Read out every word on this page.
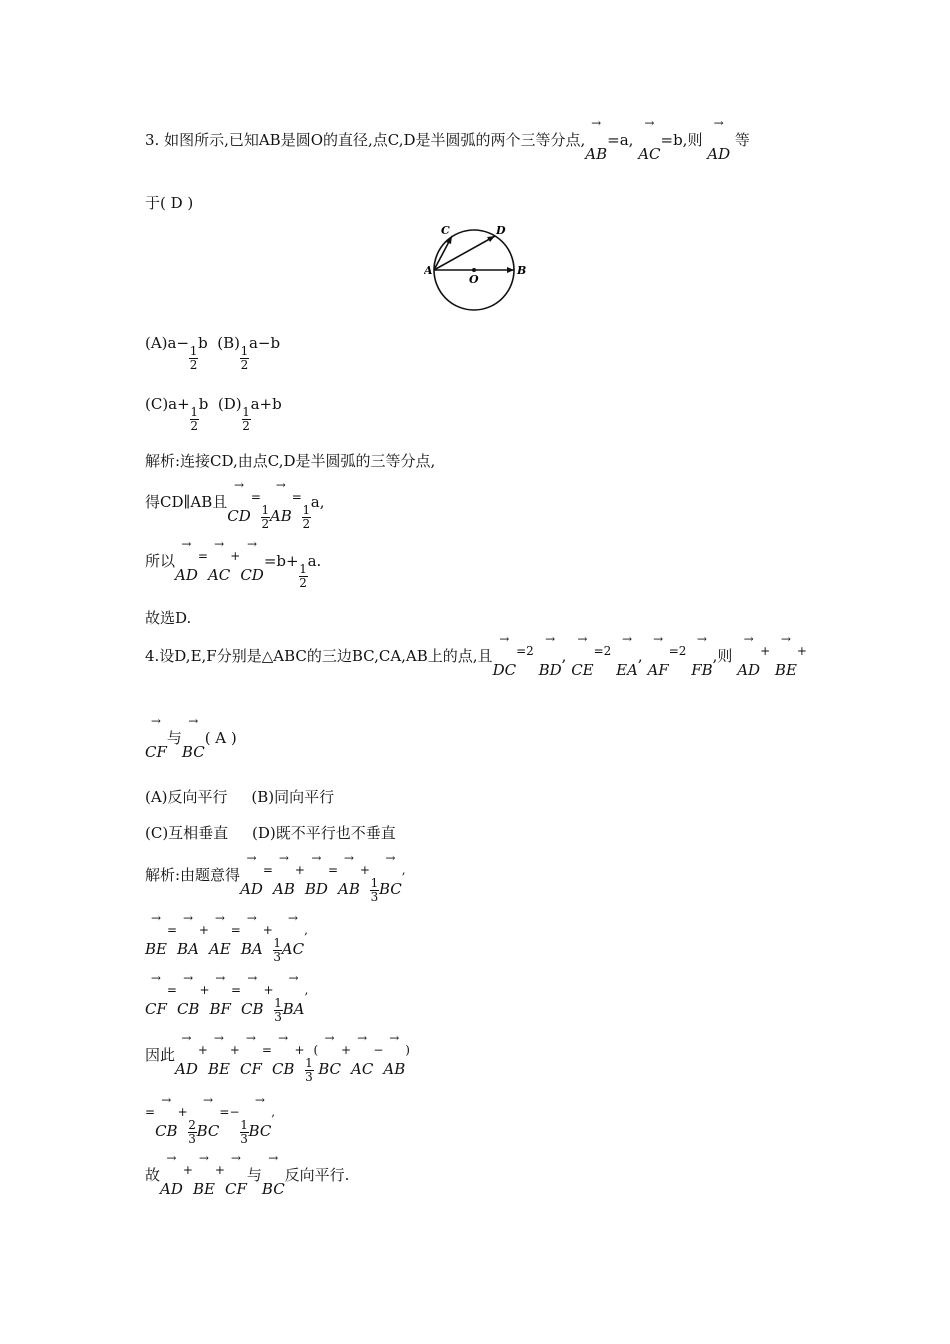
3. 如图所示,已知AB是圆O的直径,点C,D是半圆弧的两个三等分点,
→
AB=a,
→
AC=b,则
→
AD 等
于( D )
C	D
A
O
B
(A)a−
$\frac{1}{2}$
b (B)
$\frac{1}{2}$
a−b
(C)a+
$\frac{1}{2}$
b (D)
$\frac{1}{2}$
a+b
解析:连接CD,由点C,D是半圆弧的三等分点,
得CD∥AB且
→
CD=
$\frac{1}{2}$
→
AB=
$\frac{1}{2}$
a,
所以
→
AD=
→
AC+
→
CD=b+
$\frac{1}{2}$
a.
故选D.
4.设D,E,F分别是△ABC的三边BC,CA,AB上的点,且
→
$DC^{=2}$
→
BD,
→
$CE^{=2}$
→
EA,
→
$AF^{=2}$
→
FB,则
→
AD+
→
BE+
→
CF与
→
BC( A )
(A)反向平行 (B)同向平行
(C)互相垂直 (D)既不平行也不垂直
解析:由题意得
→
AD=
→
AB+
→
BD=
→
AB+
$\frac{1}{3}$
→
BC,
→
BE=
→
BA+
→
AE=
→
BA+
$\frac{1}{3}$
→
AC,
→
CF=
→
CB+
→
BF=
→
CB+
$\frac{1}{3}$
→
BA,
因此
→
AD+
→
BE+
→
CF=
→
CB+
$\frac{1}{3}$
(
→
BC+
→
AC−
→
AB)
=
→
CB+
$\frac{2}{3}$
→
BC=−
$\frac{1}{3}$
→
BC,
故
→
AD+
→
BE+
→
CF与
→
BC反向平行.
